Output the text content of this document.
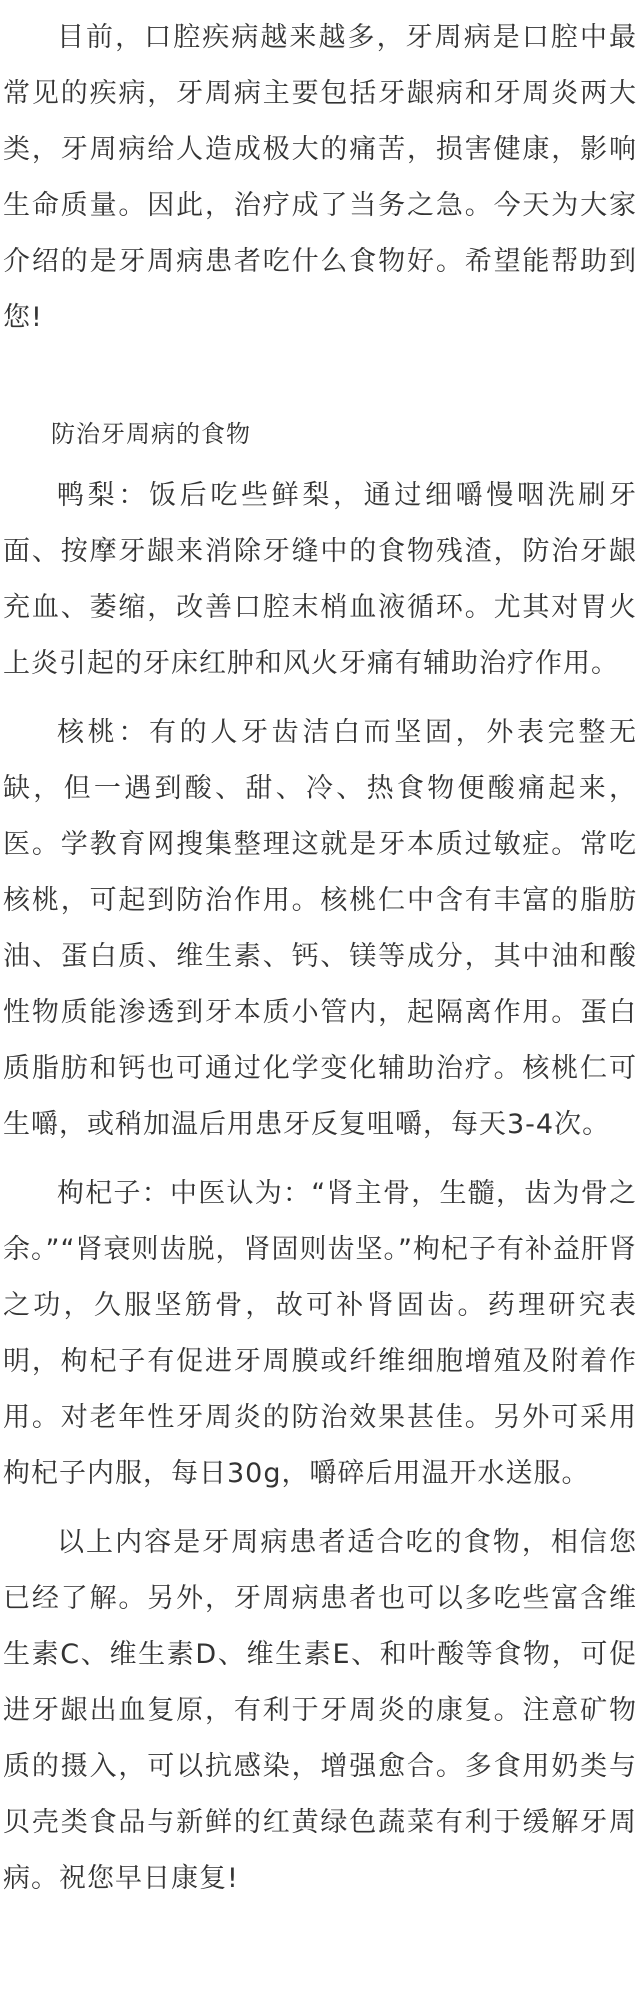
目前，口腔疾病越来越多，牙周病是口腔中最常见的疾病，牙周病主要包括牙龈病和牙周炎两大类，牙周病给人造成极大的痛苦，损害健康，影响生命质量。因此，治疗成了当务之急。今天为大家介绍的是牙周病患者吃什么食物好。希望能帮助到您!

防治牙周病的食物

鸭梨：饭后吃些鲜梨，通过细嚼慢咽洗刷牙面、按摩牙龈来消除牙缝中的食物残渣，防治牙龈充血、萎缩，改善口腔末梢血液循环。尤其对胃火上炎引起的牙床红肿和风火牙痛有辅助治疗作用。

核桃：有的人牙齿洁白而坚固，外表完整无缺，但一遇到酸、甜、冷、热食物便酸痛起来，医。学教育网搜集整理这就是牙本质过敏症。常吃核桃，可起到防治作用。核桃仁中含有丰富的脂肪油、蛋白质、维生素、钙、镁等成分，其中油和酸性物质能渗透到牙本质小管内，起隔离作用。蛋白质脂肪和钙也可通过化学变化辅助治疗。核桃仁可生嚼，或稍加温后用患牙反复咀嚼，每天3-4次。

枸杞子：中医认为：“肾主骨，生髓，齿为骨之余。”“肾衰则齿脱，肾固则齿坚。”枸杞子有补益肝肾之功，久服坚筋骨，故可补肾固齿。药理研究表明，枸杞子有促进牙周膜或纤维细胞增殖及附着作用。对老年性牙周炎的防治效果甚佳。另外可采用枸杞子内服，每日30g，嚼碎后用温开水送服。

以上内容是牙周病患者适合吃的食物，相信您已经了解。另外，牙周病患者也可以多吃些富含维生素C、维生素D、维生素E、和叶酸等食物，可促进牙龈出血复原，有利于牙周炎的康复。注意矿物质的摄入，可以抗感染，增强愈合。多食用奶类与贝壳类食品与新鲜的红黄绿色蔬菜有利于缓解牙周病。祝您早日康复!
